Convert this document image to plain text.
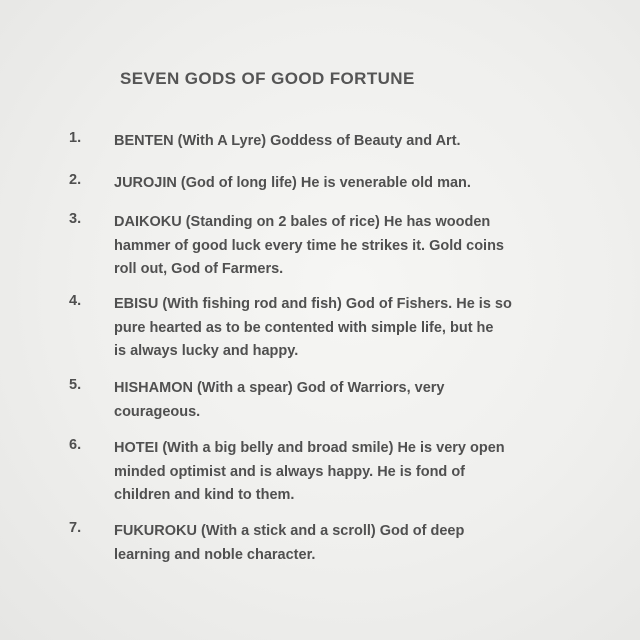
SEVEN GODS OF GOOD FORTUNE
1. BENTEN (With A Lyre) Goddess of Beauty and Art.
2. JUROJIN (God of long life) He is venerable old man.
3. DAIKOKU (Standing on 2 bales of rice) He has wooden
hammer of good luck every time he strikes it. Gold coins
roll out, God of Farmers.
4. EBISU (With fishing rod and fish) God of Fishers. He is so
pure hearted as to be contented with simple life, but he
is always lucky and happy.
5. HISHAMON (With a spear) God of Warriors, very
courageous.
6. HOTEI (With a big belly and broad smile) He is very open
minded optimist and is always happy. He is fond of
children and kind to them.
7. FUKUROKU (With a stick and a scroll) God of deep
learning and noble character.
